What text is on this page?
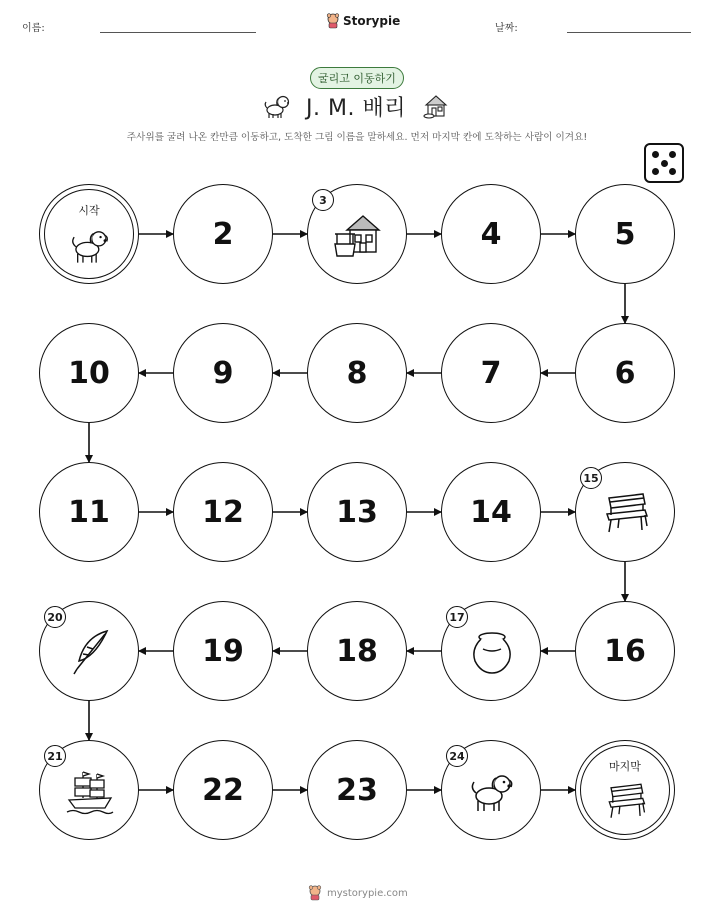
이름:
Storypie
날짜:
굴리고 이동하기
J. M. 배리
주사위를 굴려 나온 칸만큼 이동하고, 도착한 그림 이름을 말하세요. 먼저 마지막 칸에 도착하는 사람이 이겨요!
시작
2
3
4	5
6
7
8
9
10
11	12	13	14
15
16
17
18
19
20
21
22	23
24
마지막
mystorypie.com
